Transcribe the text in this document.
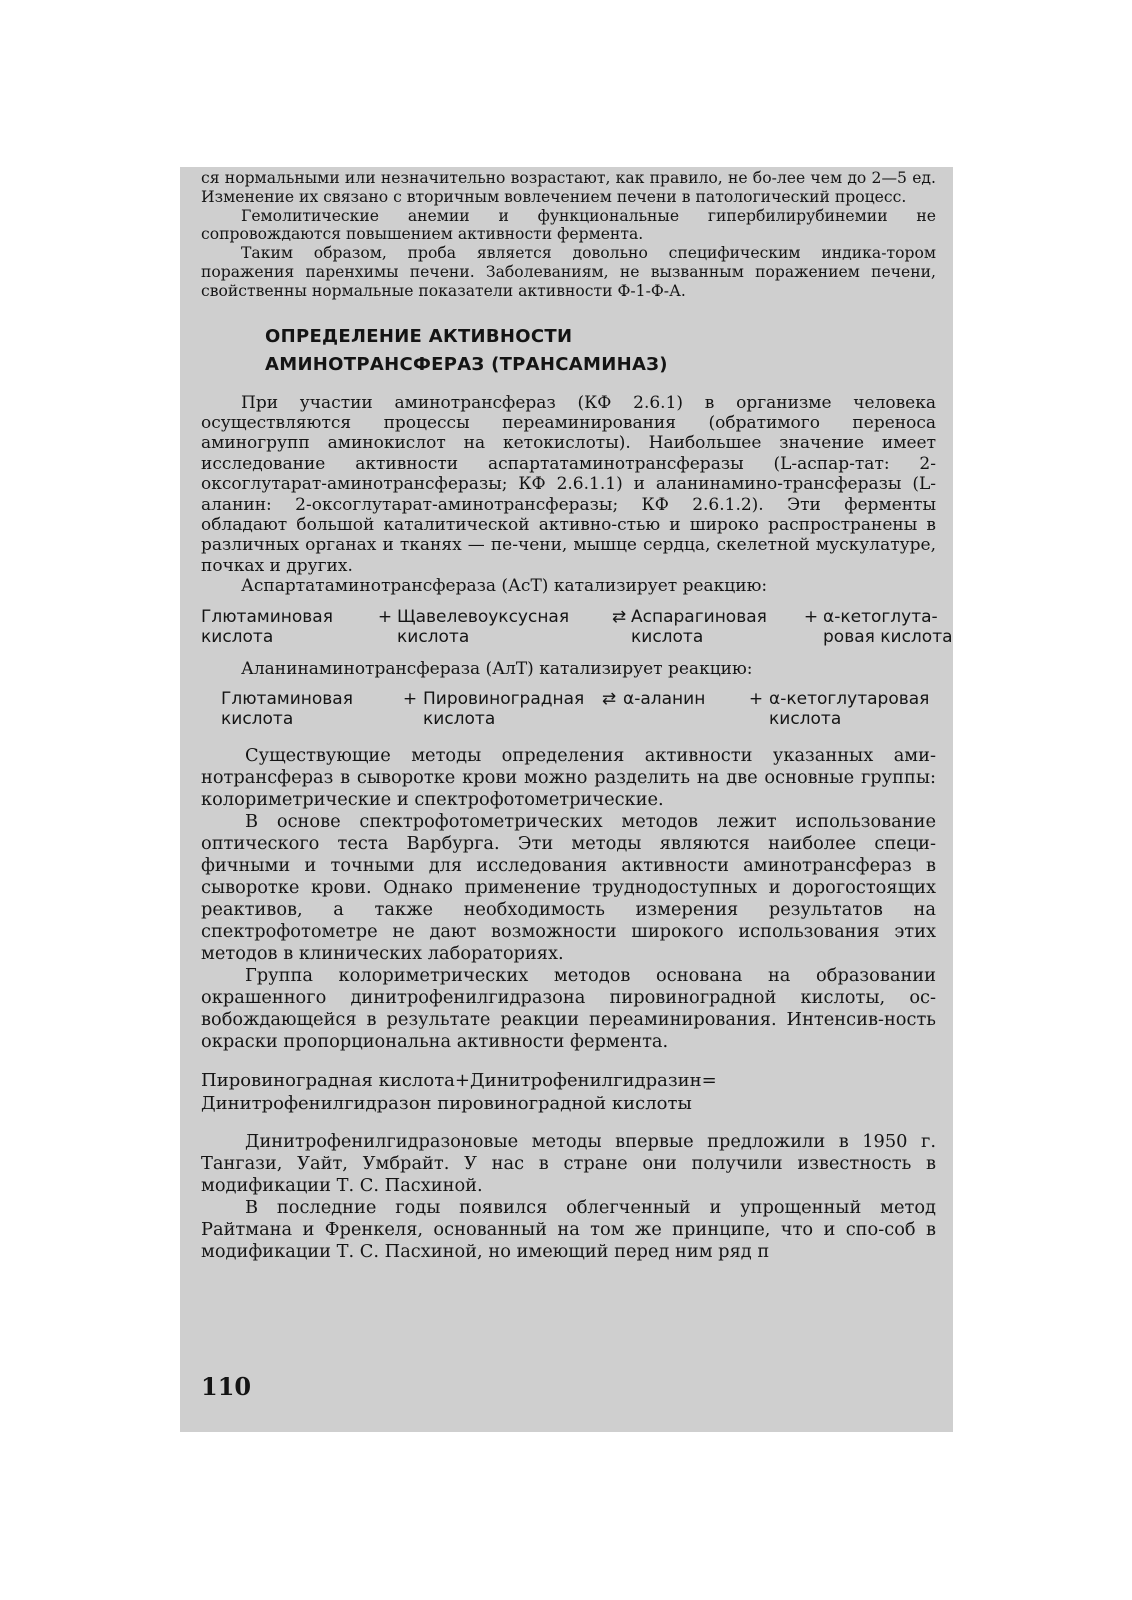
ся нормальными или незначительно возрастают, как правило, не бо-лее чем до 2—5 ед. Изменение их связано с вторичным вовлечением печени в патологический процесс.

Гемолитические анемии и функциональные гипербилирубинемии не сопровождаются повышением активности фермента.

Таким образом, проба является довольно специфическим индика-тором поражения паренхимы печени. Заболеваниям, не вызванным поражением печени, свойственны нормальные показатели активности Ф-1-Ф-А.

ОПРЕДЕЛЕНИЕ АКТИВНОСТИ
АМИНОТРАНСФЕРАЗ (ТРАНСАМИНАЗ)

При участии аминотрансфераз (КФ 2.6.1) в организме человека осуществляются процессы переаминирования (обратимого переноса аминогрупп аминокислот на кетокислоты). Наибольшее значение имеет исследование активности аспартатаминотрансферазы (L-аспар-тат: 2-оксоглутарат-аминотрансферазы; КФ 2.6.1.1) и аланинамино-трансферазы (L-аланин: 2-оксоглутарат-аминотрансферазы; КФ 2.6.1.2). Эти ферменты обладают большой каталитической активно-стью и широко распространены в различных органах и тканях — пе-чени, мышце сердца, скелетной мускулатуре, почках и других.

Аспартатаминотрансфераза (АсТ) катализирует реакцию:

Глютаминовая
кислота
+ Щавелевоуксусная
кислота
⇄ Аспарагиновая
кислота
+ α-кетоглута-
ровая кислота

Аланинаминотрансфераза (АлТ) катализирует реакцию:

Глютаминовая
кислота
+ Пировиноградная
кислота
⇄ α-аланин	+ α-кетоглутаровая
кислота

Существующие методы определения активности указанных ами-нотрансфераз в сыворотке крови можно разделить на две основные группы: колориметрические и спектрофотометрические.

В основе спектрофотометрических методов лежит использование оптического теста Варбурга. Эти методы являются наиболее специ-фичными и точными для исследования активности аминотрансфераз в сыворотке крови. Однако применение труднодоступных и дорогостоящих реактивов, а также необходимость измерения результатов на спектрофотометре не дают возможности широкого использования этих методов в клинических лабораториях.

Группа колориметрических методов основана на образовании окрашенного динитрофенилгидразона пировиноградной кислоты, ос-вобождающейся в результате реакции переаминирования. Интенсив-ность окраски пропорциональна активности фермента.

Пировиноградная кислота+Динитрофенилгидразин=
Динитрофенилгидразон пировиноградной кислоты

Динитрофенилгидразоновые методы впервые предложили в 1950 г. Тангази, Уайт, Умбрайт. У нас в стране они получили известность в модификации Т. С. Пасхиной.

В последние годы появился облегченный и упрощенный метод Райтмана и Френкеля, основанный на том же принципе, что и спо-соб в модификации Т. С. Пасхиной, но имеющий перед ним ряд п

110
